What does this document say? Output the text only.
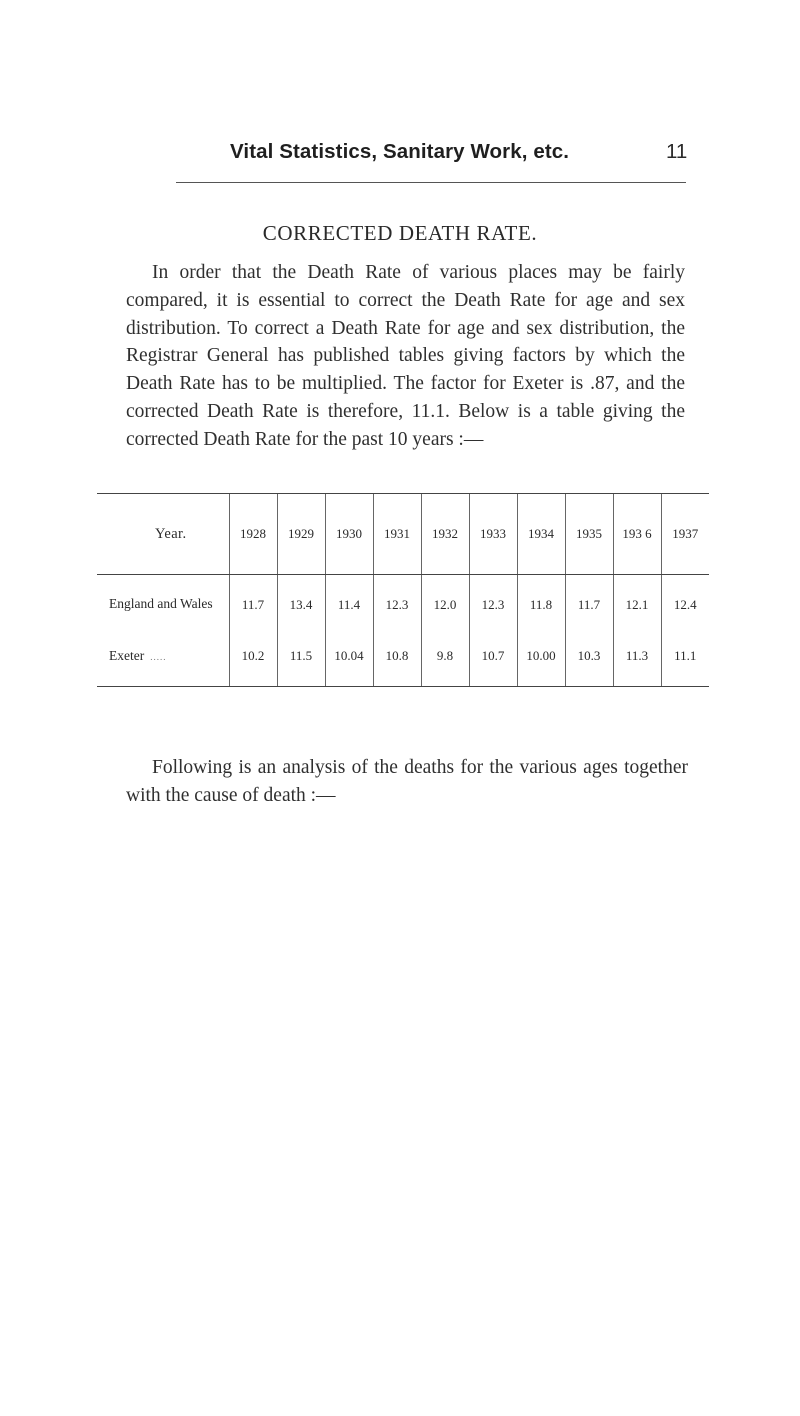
Vital Statistics, Sanitary Work, etc.	11
CORRECTED DEATH RATE.

In order that the Death Rate of various places may be fairly compared, it is essential to correct the Death Rate for age and sex distribution. To correct a Death Rate for age and sex distribution, the Registrar General has published tables giving factors by which the Death Rate has to be multiplied. The factor for Exeter is .87, and the corrected Death Rate is therefore, 11.1. Below is a table giving the corrected Death Rate for the past 10 years :—

Year.	1928	1929	1930	1931	1932	1933	1934	1935	193 6	1937
England and Wales	11.7	13.4	11.4	12.3	12.0	12.3	11.8	11.7	12.1	12.4
Exeter .....	10.2	11.5	10.04	10.8	9.8	10.7	10.00	10.3	11.3	11.1

Following is an analysis of the deaths for the various ages together with the cause of death :—
